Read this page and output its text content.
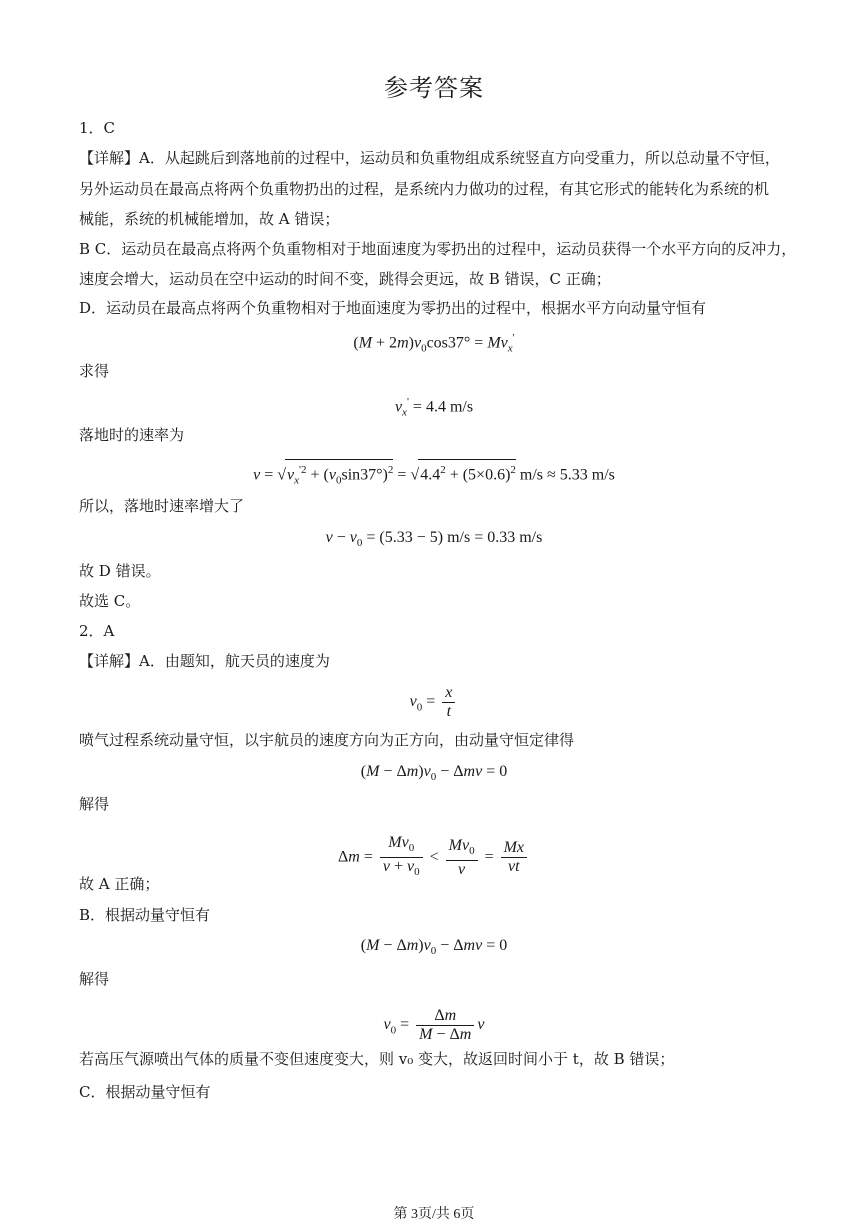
参考答案
1．C
【详解】A．从起跳后到落地前的过程中，运动员和负重物组成系统竖直方向受重力，所以总动量不守恒，
另外运动员在最高点将两个负重物扔出的过程，是系统内力做功的过程，有其它形式的能转化为系统的机
械能，系统的机械能增加，故 A 错误；
B C．运动员在最高点将两个负重物相对于地面速度为零扔出的过程中，运动员获得一个水平方向的反冲力，
速度会增大，运动员在空中运动的时间不变，跳得会更远，故 B 错误，C 正确；
D．运动员在最高点将两个负重物相对于地面速度为零扔出的过程中，根据水平方向动量守恒有
$(M + 2m)v_0\cos 37^\circ = Mv_x'$
求得
$v_x' = 4.4$ m/s
落地时的速率为
$v = √v_x^{'2} + (v_0\sin 37^\circ)^2 = √4.4^2 + (5\times 0.6)^2$ m/s ≈ 5.33 m/s
所以，落地时速率增大了
$v - v_0 = (5.33 - 5) m/s = 0.33$ m/s
故 D 错误。
故选 C。
2．A
【详解】A．由题知，航天员的速度为
$v_0 = \frac{x}{t}$
喷气过程系统动量守恒，以宇航员的速度方向为正方向，由动量守恒定律得
$(M - \Delta m)v_0 - \Delta mv = 0$
解得
$\Delta m = \frac{Mv_0}{v + v_0} < \frac{Mv_0}{v} = \frac{Mx}{vt}$
故 A 正确；
B．根据动量守恒有
$(M - \Delta m)v_0 - \Delta mv = 0$
解得
$v_0 = \frac{\Delta m}{M - \Delta m}$ v
若高压气源喷出气体的质量不变但速度变大，则 v₀ 变大，故返回时间小于 t，故 B 错误；
C．根据动量守恒有
第 3页/共 6页
